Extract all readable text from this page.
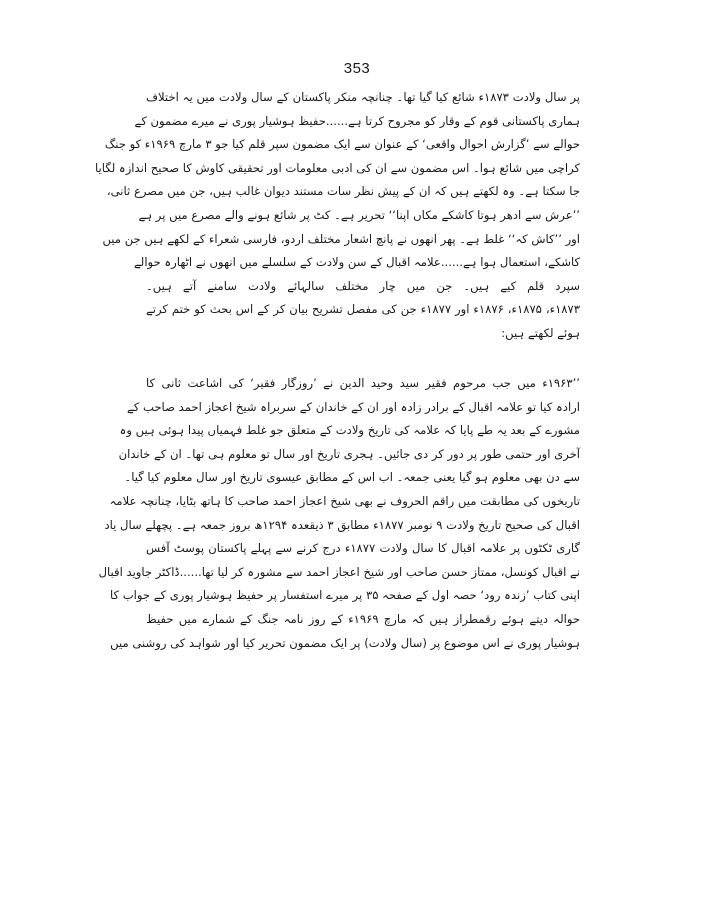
353
پر سال ولادت ۱۸۷۳ء شائع کیا گیا تھا۔ چنانچہ منکر پاکستان کے سال ولادت میں یہ اختلاف
ہماری پاکستانی قوم کے وقار کو مجروح کرتا ہے......حفیظ ہوشیار پوری نے میرے مضمون کے
حوالے سے ’گزارش احوال واقعی‘ کے عنوان سے ایک مضمون سپر قلم کیا جو ۳ مارچ ۱۹۶۹ء کو جنگ
کراچی میں شائع ہوا۔ اس مضمون سے ان کی ادبی معلومات اور تحقیقی کاوش کا صحیح اندازہ لگایا
جا سکتا ہے۔ وہ لکھتے ہیں کہ ان کے پیش نظر سات مستند دیوان غالب ہیں، جن میں مصرع ثانی،
’’عرش سے ادھر ہوتا کاشکے مکاں اپنا‘‘ تحریر ہے۔ کٹ پر شائع ہونے والے مصرع میں پر ہے
اور ’’کاش کہ‘‘ غلط ہے۔ پھر انھوں نے پانچ اشعار مختلف اردو، فارسی شعراء کے لکھے ہیں جن میں
کاشکے، استعمال ہوا ہے......علامہ اقبال کے سن ولادت کے سلسلے میں انھوں نے اٹھارہ حوالے
سپرد قلم کیے ہیں۔ جن میں چار مختلف سالہائے ولادت سامنے آتے ہیں۔
۱۸۷۳ء، ۱۸۷۵ء، ۱۸۷۶ء اور ۱۸۷۷ء جن کی مفصل تشریح بیان کر کے اس بحث کو ختم کرتے
ہوئے لکھتے ہیں:
’’۱۹۶۳ء میں جب مرحوم فقیر سید وحید الدین نے ’روزگار فقیر‘ کی اشاعت ثانی کا
ارادہ کیا تو علامہ اقبال کے برادر زادہ اور ان کے خاندان کے سربراہ شیخ اعجاز احمد صاحب کے
مشورے کے بعد یہ طے پایا کہ علامہ کی تاریخ ولادت کے متعلق جو غلط فہمیاں پیدا ہوئی ہیں وہ
آخری اور حتمی طور پر دور کر دی جائیں۔ ہجری تاریخ اور سال تو معلوم ہی تھا۔ ان کے خاندان
سے دن بھی معلوم ہو گیا یعنی جمعہ۔ اب اس کے مطابق عیسوی تاریخ اور سال معلوم کیا گیا۔
تاریخوں کی مطابقت میں راقم الحروف نے بھی شیخ اعجاز احمد صاحب کا ہاتھ بٹایا، چنانچہ علامہ
اقبال کی صحیح تاریخ ولادت ۹ نومبر ۱۸۷۷ء مطابق ۳ ذیقعدہ ۱۲۹۴ھ بروز جمعہ ہے۔ پچھلے سال یاد
گاری ٹکٹوں پر علامہ اقبال کا سال ولادت ۱۸۷۷ء درج کرنے سے پہلے پاکستان پوسٹ آفس
نے اقبال کونسل، ممتاز حسن صاحب اور شیخ اعجاز احمد سے مشورہ کر لیا تھا......ڈاکٹر جاوید اقبال
اپنی کتاب ’زندہ رود‘ حصہ اول کے صفحہ ۳۵ پر میرے استفسار پر حفیظ ہوشیار پوری کے جواب کا
حوالہ دیتے ہوئے رقمطراز ہیں کہ مارچ ۱۹۶۹ء کے روز نامہ جنگ کے شمارے میں حفیظ
ہوشیار پوری نے اس موضوع پر (سال ولادت) پر ایک مضمون تحریر کیا اور شواہد کی روشنی میں
